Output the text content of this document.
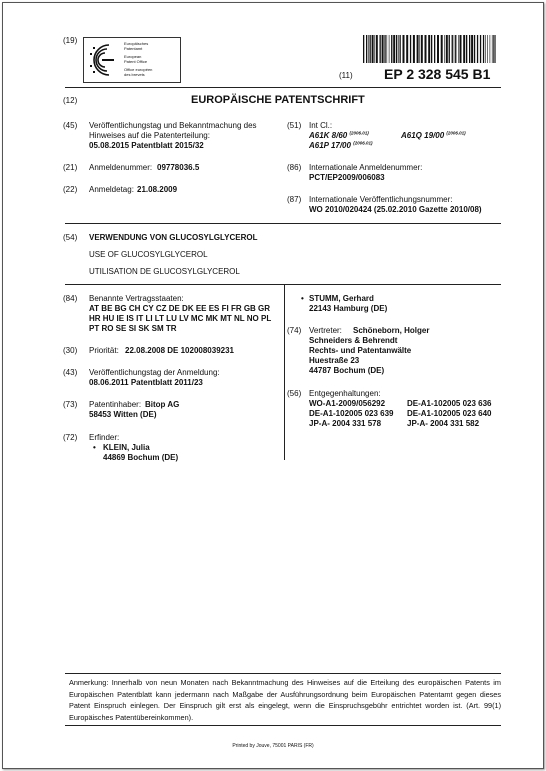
(19)	Europäisches
Patentamt
European
Patent Office
Office européen
des brevets	(11) EP 2 328 545 B1
(12)	EUROPÄISCHE PATENTSCHRIFT
(45) Veröffentlichungstag und Bekanntmachung des
Hinweises auf die Patenterteilung:
05.08.2015 Patentblatt 2015/32
(21) Anmeldenummer: 09778036.5
(22) Anmeldetag: 21.08.2009
(51) Int Cl.:
A61K 8/60 $^{(2006.01)}$	A61Q 19/00 $^{(2006.01)}$
A61P 17/00 $^{(2006.01)}$
(86) Internationale Anmeldenummer:
PCT/EP2009/006083
(87) Internationale Veröffentlichungsnummer:
WO 2010/020424 (25.02.2010 Gazette 2010/08)
(54) VERWENDUNG VON GLUCOSYLGLYCEROL
USE OF GLUCOSYLGLYCEROL
UTILISATION DE GLUCOSYLGLYCEROL
(84) Benannte Vertragsstaaten:
AT BE BG CH CY CZ DE DK EE ES FI FR GB GR
HR HU IE IS IT LI LT LU LV MC MK MT NL NO PL
PT RO SE SI SK SM TR
(30) Priorität: 22.08.2008 DE 102008039231
(43) Veröffentlichungstag der Anmeldung:
08.06.2011 Patentblatt 2011/23
(73) Patentinhaber: Bitop AG
58453 Witten (DE)
(72) Erfinder:
• KLEIN, Julia
44869 Bochum (DE)
• STUMM, Gerhard
22143 Hamburg (DE)
(74) Vertreter: Schöneborn, Holger
Schneiders & Behrendt
Rechts- und Patentanwälte
Huestraße 23
44787 Bochum (DE)
(56) Entgegenhaltungen:
WO-A1-2009/056292	DE-A1-102005 023 636
DE-A1-102005 023 639 DE-A1-102005 023 640
JP-A- 2004 331 578	JP-A- 2004 331 582
Anmerkung: Innerhalb von neun Monaten nach Bekanntmachung des Hinweises auf die Erteilung des europäischen Patents im Europäischen Patentblatt kann jedermann nach Maßgabe der Ausführungsordnung beim Europäischen Patentamt gegen dieses Patent Einspruch einlegen. Der Einspruch gilt erst als eingelegt, wenn die Einspruchsgebühr entrichtet worden ist. (Art. 99(1) Europäisches Patentübereinkommen).
Printed by Jouve, 75001 PARIS (FR)
